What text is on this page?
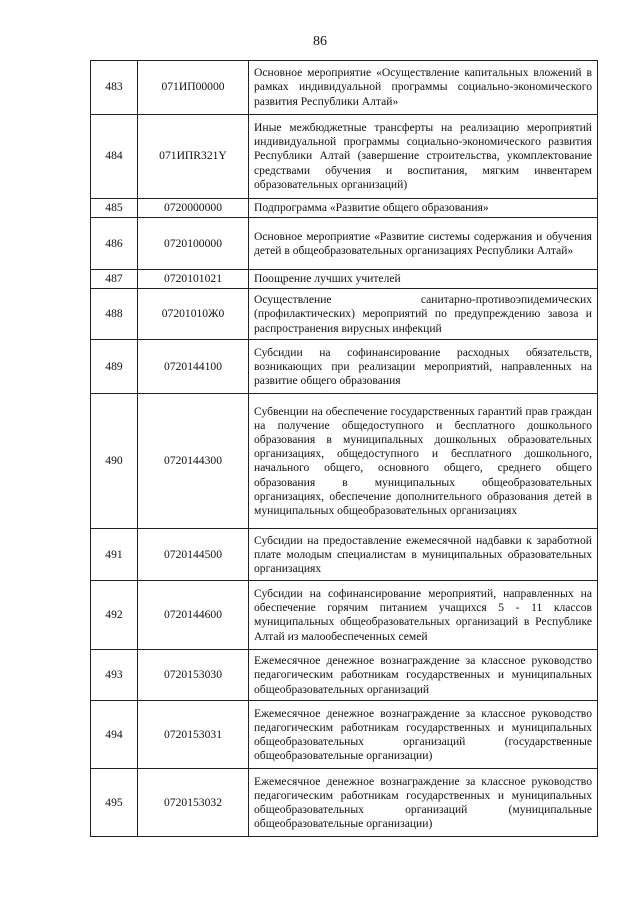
86
483	071ИП00000	Основное мероприятие «Осуществление капитальных вложений в рамках индивидуальной программы социально-экономического развития Республики Алтай»
484	071ИПR321Y	Иные межбюджетные трансферты на реализацию мероприятий индивидуальной программы социально-экономического развития Республики Алтай (завершение строительства, укомплектование средствами обучения и воспитания, мягким инвентарем образовательных организаций)
485	0720000000	Подпрограмма «Развитие общего образования»
486	0720100000	Основное мероприятие «Развитие системы содержания и обучения детей в общеобразовательных организациях Республики Алтай»
487	0720101021	Поощрение лучших учителей
488	07201010Ж0	Осуществление санитарно-противоэпидемических (профилактических) мероприятий по предупреждению завоза и распространения вирусных инфекций
489	0720144100	Субсидии на софинансирование расходных обязательств, возникающих при реализации мероприятий, направленных на развитие общего образования
490	0720144300	Субвенции на обеспечение государственных гарантий прав граждан на получение общедоступного и бесплатного дошкольного образования в муниципальных дошкольных образовательных организациях, общедоступного и бесплатного дошкольного, начального общего, основного общего, среднего общего образования в муниципальных общеобразовательных организациях, обеспечение дополнительного образования детей в муниципальных общеобразовательных организациях
491	0720144500	Субсидии на предоставление ежемесячной надбавки к заработной плате молодым специалистам в муниципальных образовательных организациях
492	0720144600	Субсидии на софинансирование мероприятий, направленных на обеспечение горячим питанием учащихся 5 - 11 классов муниципальных общеобразовательных организаций в Республике Алтай из малообеспеченных семей
493	0720153030	Ежемесячное денежное вознаграждение за классное руководство педагогическим работникам государственных и муниципальных общеобразовательных организаций
494	0720153031	Ежемесячное денежное вознаграждение за классное руководство педагогическим работникам государственных и муниципальных общеобразовательных организаций (государственные общеобразовательные организации)
495	0720153032	Ежемесячное денежное вознаграждение за классное руководство педагогическим работникам государственных и муниципальных общеобразовательных организаций (муниципальные общеобразовательные организации)
